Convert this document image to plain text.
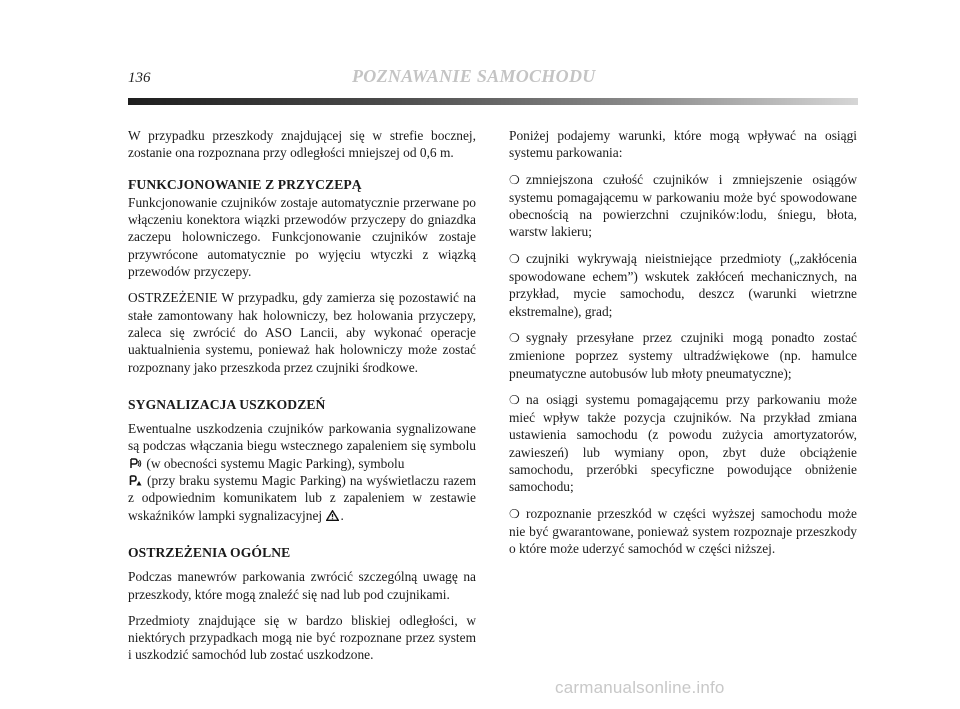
136	POZNAWANIE SAMOCHODU

W przypadku przeszkody znajdującej się w strefie bocznej, zostanie ona rozpoznana przy odległości mniejszej od 0,6 m.

FUNKCJONOWANIE Z PRZYCZEPĄ

Funkcjonowanie czujników zostaje automatycznie przerwane po włączeniu konektora wiązki przewodów przyczepy do gniazdka zaczepu holowniczego. Funkcjonowanie czujników zostaje przywrócone automatycznie po wyjęciu wtyczki z wiązką przewodów przyczepy.

OSTRZEŻENIE W przypadku, gdy zamierza się pozostawić na stałe zamontowany hak holowniczy, bez holowania przyczepy, zaleca się zwrócić do ASO Lancii, aby wykonać operacje uaktualnienia systemu, ponieważ hak holowniczy może zostać rozpoznany jako przeszkoda przez czujniki środkowe.

SYGNALIZACJA USZKODZEŃ

Ewentualne uszkodzenia czujników parkowania sygnalizowane są podczas włączania biegu wstecznego zapaleniem się symbolu  (w obecności systemu Magic Parking), symbolu
(przy braku systemu Magic Parking) na wyświetlaczu razem z odpowiednim komunikatem lub z zapaleniem w zestawie wskaźników lampki sygnalizacyjnej .

OSTRZEŻENIA OGÓLNE

Podczas manewrów parkowania zwrócić szczególną uwagę na przeszkody, które mogą znaleźć się nad lub pod czujnikami.

Przedmioty znajdujące się w bardzo bliskiej odległości, w niektórych przypadkach mogą nie być rozpoznane przez system i uszkodzić samochód lub zostać uszkodzone.

Poniżej podajemy warunki, które mogą wpływać na osiągi systemu parkowania:

❍ zmniejszona czułość czujników i zmniejszenie osiągów systemu pomagającemu w parkowaniu może być spowodowane obecnością na powierzchni czujników:lodu, śniegu, błota, warstw lakieru;

❍ czujniki wykrywają nieistniejące przedmioty („zakłócenia spowodowane echem”) wskutek zakłóceń mechanicznych, na przykład, mycie samochodu, deszcz (warunki wietrzne ekstremalne), grad;

❍ sygnały przesyłane przez czujniki mogą ponadto zostać zmienione poprzez systemy ultradźwiękowe (np. hamulce pneumatyczne autobusów lub młoty pneumatyczne);

❍ na osiągi systemu pomagającemu przy parkowaniu może mieć wpływ także pozycja czujników. Na przykład zmiana ustawienia samochodu (z powodu zużycia amortyzatorów, zawieszeń) lub wymiany opon, zbyt duże obciążenie samochodu, przeróbki specyficzne powodujące obniżenie samochodu;

❍ rozpoznanie przeszkód w części wyższej samochodu może nie być gwarantowane, ponieważ system rozpoznaje przeszkody o które może uderzyć samochód w części niższej.

carmanualsonline.info
